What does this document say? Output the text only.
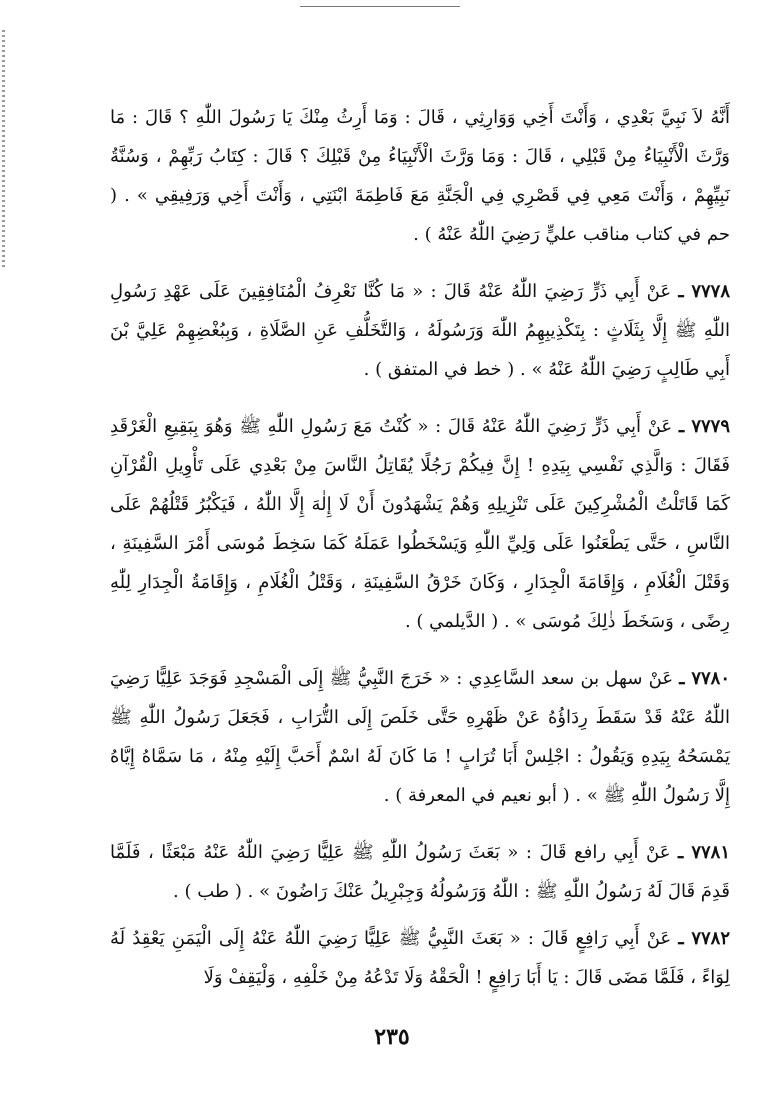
أَنَّهُ لاَ نَبِيَّ بَعْدِي ، وَأَنْتَ أَخِي وَوَارِثِي ، قَالَ : وَمَا أَرِثُ مِنْكَ يَا رَسُولَ اللّٰهِ ؟ قَالَ : مَا وَرَّثَ الْأَنْبِيَاءُ مِنْ قَبْلِي ، قَالَ : وَمَا وَرَّثَ الْأَنْبِيَاءُ مِنْ قَبْلِكَ ؟ قَالَ : كِتَابُ رَبِّهِمْ ، وَسُنَّةُ نَبِيِّهِمْ ، وَأَنْتَ مَعِي فِي قَصْرِي فِي الْجَنَّةِ مَعَ فَاطِمَةَ ابْنَتِي ، وَأَنْتَ أَخِي وَرَفِيقِي » . ( حم في كتاب مناقب عليٍّ رَضِيَ اللّٰهُ عَنْهُ ) .

٧٧٧٨ ـ عَنْ أَبِي ذَرٍّ رَضِيَ اللّٰهُ عَنْهُ قَالَ : « مَا كُنَّا نَعْرِفُ الْمُنَافِقِينَ عَلَى عَهْدِ رَسُولِ اللّٰهِ ﷺ إِلَّا بِثَلَاثٍ : بِتَكْذِيبِهِمُ اللّٰهَ وَرَسُولَهُ ، وَالتَّخَلُّفِ عَنِ الصَّلَاةِ ، وَبِبُغْضِهِمْ عَلِيَّ بْنَ أَبِي طَالِبٍ رَضِيَ اللّٰهُ عَنْهُ » . ( خط في المتفق ) .

٧٧٧٩ ـ عَنْ أَبِي ذَرٍّ رَضِيَ اللّٰهُ عَنْهُ قَالَ : « كُنْتُ مَعَ رَسُولِ اللّٰهِ ﷺ وَهُوَ بِبَقِيعِ الْغَرْقَدِ فَقَالَ : وَالَّذِي نَفْسِي بِيَدِهِ ! إِنَّ فِيكُمْ رَجُلًا يُقَاتِلُ النَّاسَ مِنْ بَعْدِي عَلَى تَأْوِيلِ الْقُرْآنِ كَمَا قَاتَلْتُ الْمُشْرِكِينَ عَلَى تَنْزِيلِهِ وَهُمْ يَشْهَدُونَ أَنْ لَا إِلٰهَ إِلَّا اللّٰهُ ، فَيَكْبُرُ قَتْلُهُمْ عَلَى النَّاسِ ، حَتَّى يَطْعَنُوا عَلَى وَلِيِّ اللّٰهِ وَيَسْخَطُوا عَمَلَهُ كَمَا سَخِطَ مُوسَى أَمْرَ السَّفِينَةِ ، وَقَتْلَ الْغُلَامِ ، وَإِقَامَةَ الْجِدَارِ ، وَكَانَ خَرْقُ السَّفِينَةِ ، وَقَتْلُ الْغُلَامِ ، وَإِقَامَةُ الْجِدَارِ لِلّٰهِ رِضًى ، وَسَخَطَ ذٰلِكَ مُوسَى » . ( الدَّيلمي ) .

٧٧٨٠ ـ عَنْ سهل بن سعد السَّاعِدِي : « خَرَجَ النَّبِيُّ ﷺ إِلَى الْمَسْجِدِ فَوَجَدَ عَلِيًّا رَضِيَ اللّٰهُ عَنْهُ قَدْ سَقَطَ رِدَاؤُهُ عَنْ ظَهْرِهِ حَتَّى خَلَصَ إِلَى التُّرَابِ ، فَجَعَلَ رَسُولُ اللّٰهِ ﷺ يَمْسَحُهُ بِيَدِهِ وَيَقُولُ : اجْلِسْ أَبَا تُرَابٍ ! مَا كَانَ لَهُ اسْمٌ أَحَبَّ إِلَيْهِ مِنْهُ ، مَا سَمَّاهُ إِيَّاهُ إِلَّا رَسُولُ اللّٰهِ ﷺ » . ( أبو نعيم في المعرفة ) .

٧٧٨١ ـ عَنْ أَبِي رافع قَالَ : « بَعَثَ رَسُولُ اللّٰهِ ﷺ عَلِيًّا رَضِيَ اللّٰهُ عَنْهُ مَبْعَثًا ، فَلَمَّا قَدِمَ قَالَ لَهُ رَسُولُ اللّٰهِ ﷺ : اللّٰهُ وَرَسُولُهُ وَجِبْرِيلُ عَنْكَ رَاضُونَ » . ( طب ) .

٧٧٨٢ ـ عَنْ أَبِي رَافِعٍ قَالَ : « بَعَثَ النَّبِيُّ ﷺ عَلِيًّا رَضِيَ اللّٰهُ عَنْهُ إِلَى الْيَمَنِ يَعْقِدُ لَهُ لِوَاءً ، فَلَمَّا مَضَى قَالَ : يَا أَبَا رَافِعٍ ! الْحَقْهُ وَلَا تَدْعُهُ مِنْ خَلْفِهِ ، وَلْيَقِفْ وَلَا

٢٣٥
